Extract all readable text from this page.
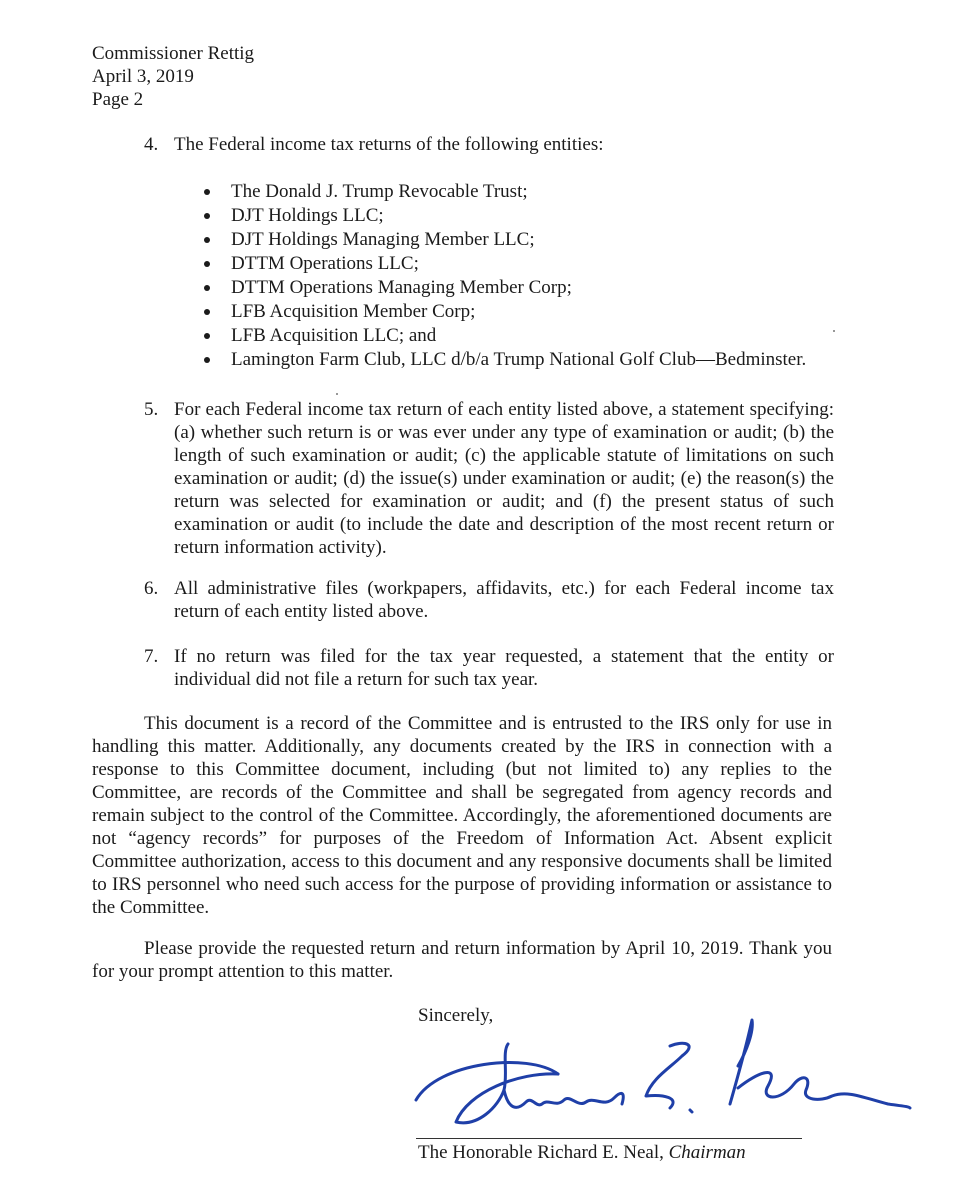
Commissioner Rettig
April 3, 2019
Page 2
4. The Federal income tax returns of the following entities:
The Donald J. Trump Revocable Trust;
DJT Holdings LLC;
DJT Holdings Managing Member LLC;
DTTM Operations LLC;
DTTM Operations Managing Member Corp;
LFB Acquisition Member Corp;
LFB Acquisition LLC; and
Lamington Farm Club, LLC d/b/a Trump National Golf Club—Bedminster.
5. For each Federal income tax return of each entity listed above, a statement specifying: (a) whether such return is or was ever under any type of examination or audit; (b) the length of such examination or audit; (c) the applicable statute of limitations on such examination or audit; (d) the issue(s) under examination or audit; (e) the reason(s) the return was selected for examination or audit; and (f) the present status of such examination or audit (to include the date and description of the most recent return or return information activity).
6. All administrative files (workpapers, affidavits, etc.) for each Federal income tax return of each entity listed above.
7. If no return was filed for the tax year requested, a statement that the entity or individual did not file a return for such tax year.
This document is a record of the Committee and is entrusted to the IRS only for use in handling this matter. Additionally, any documents created by the IRS in connection with a response to this Committee document, including (but not limited to) any replies to the Committee, are records of the Committee and shall be segregated from agency records and remain subject to the control of the Committee. Accordingly, the aforementioned documents are not “agency records” for purposes of the Freedom of Information Act. Absent explicit Committee authorization, access to this document and any responsive documents shall be limited to IRS personnel who need such access for the purpose of providing information or assistance to the Committee.
Please provide the requested return and return information by April 10, 2019. Thank you for your prompt attention to this matter.
Sincerely,
The Honorable Richard E. Neal, Chairman
